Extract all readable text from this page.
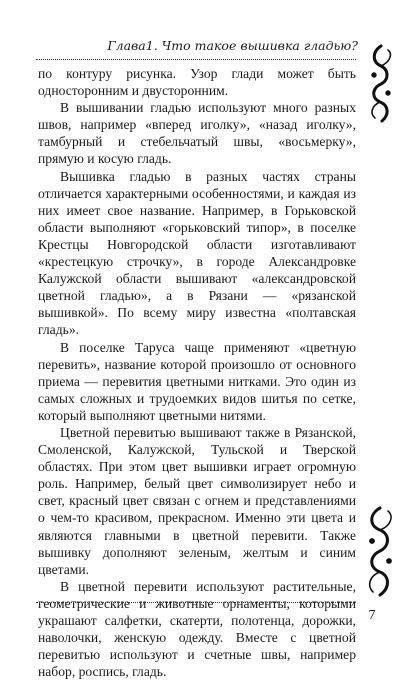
Глава1. Что такое вышивка гладью?

по контуру рисунка. Узор глади может быть односторонним и двусторонним.

В вышивании гладью используют много разных швов, например «вперед иголку», «назад иголку», тамбурный и стебельчатый швы, «восьмерку», прямую и косую гладь.

Вышивка гладью в разных частях страны отличается характерными особенностями, и каждая из них имеет свое название. Например, в Горьковской области выполняют «горьковский типор», в поселке Крестцы Новгородской области изготавливают «крестецкую строчку», в городе Александровке Калужской области вышивают «александровской цветной гладью», а в Рязани — «рязанской вышивкой». По всему миру известна «полтавская гладь».

В поселке Таруса чаще применяют «цветную перевить», название которой произошло от основного приема — перевития цветными нитками. Это один из самых сложных и трудоемких видов шитья по сетке, который выполняют цветными нитями.

Цветной перевитью вышивают также в Рязанской, Смоленской, Калужской, Тульской и Тверской областях. При этом цвет вышивки играет огромную роль. Например, белый цвет символизирует небо и свет, красный цвет связан с огнем и представлениями о чем-то красивом, прекрасном. Именно эти цвета и являются главными в цветной перевити. Также вышивку дополняют зеленым, желтым и синим цветами.

В цветной перевити используют растительные, геометрические и животные орнаменты, которыми украшают салфетки, скатерти, полотенца, дорожки, наволочки, женскую одежду. Вместе с цветной перевитью используют и счетные швы, например набор, роспись, гладь.

7
